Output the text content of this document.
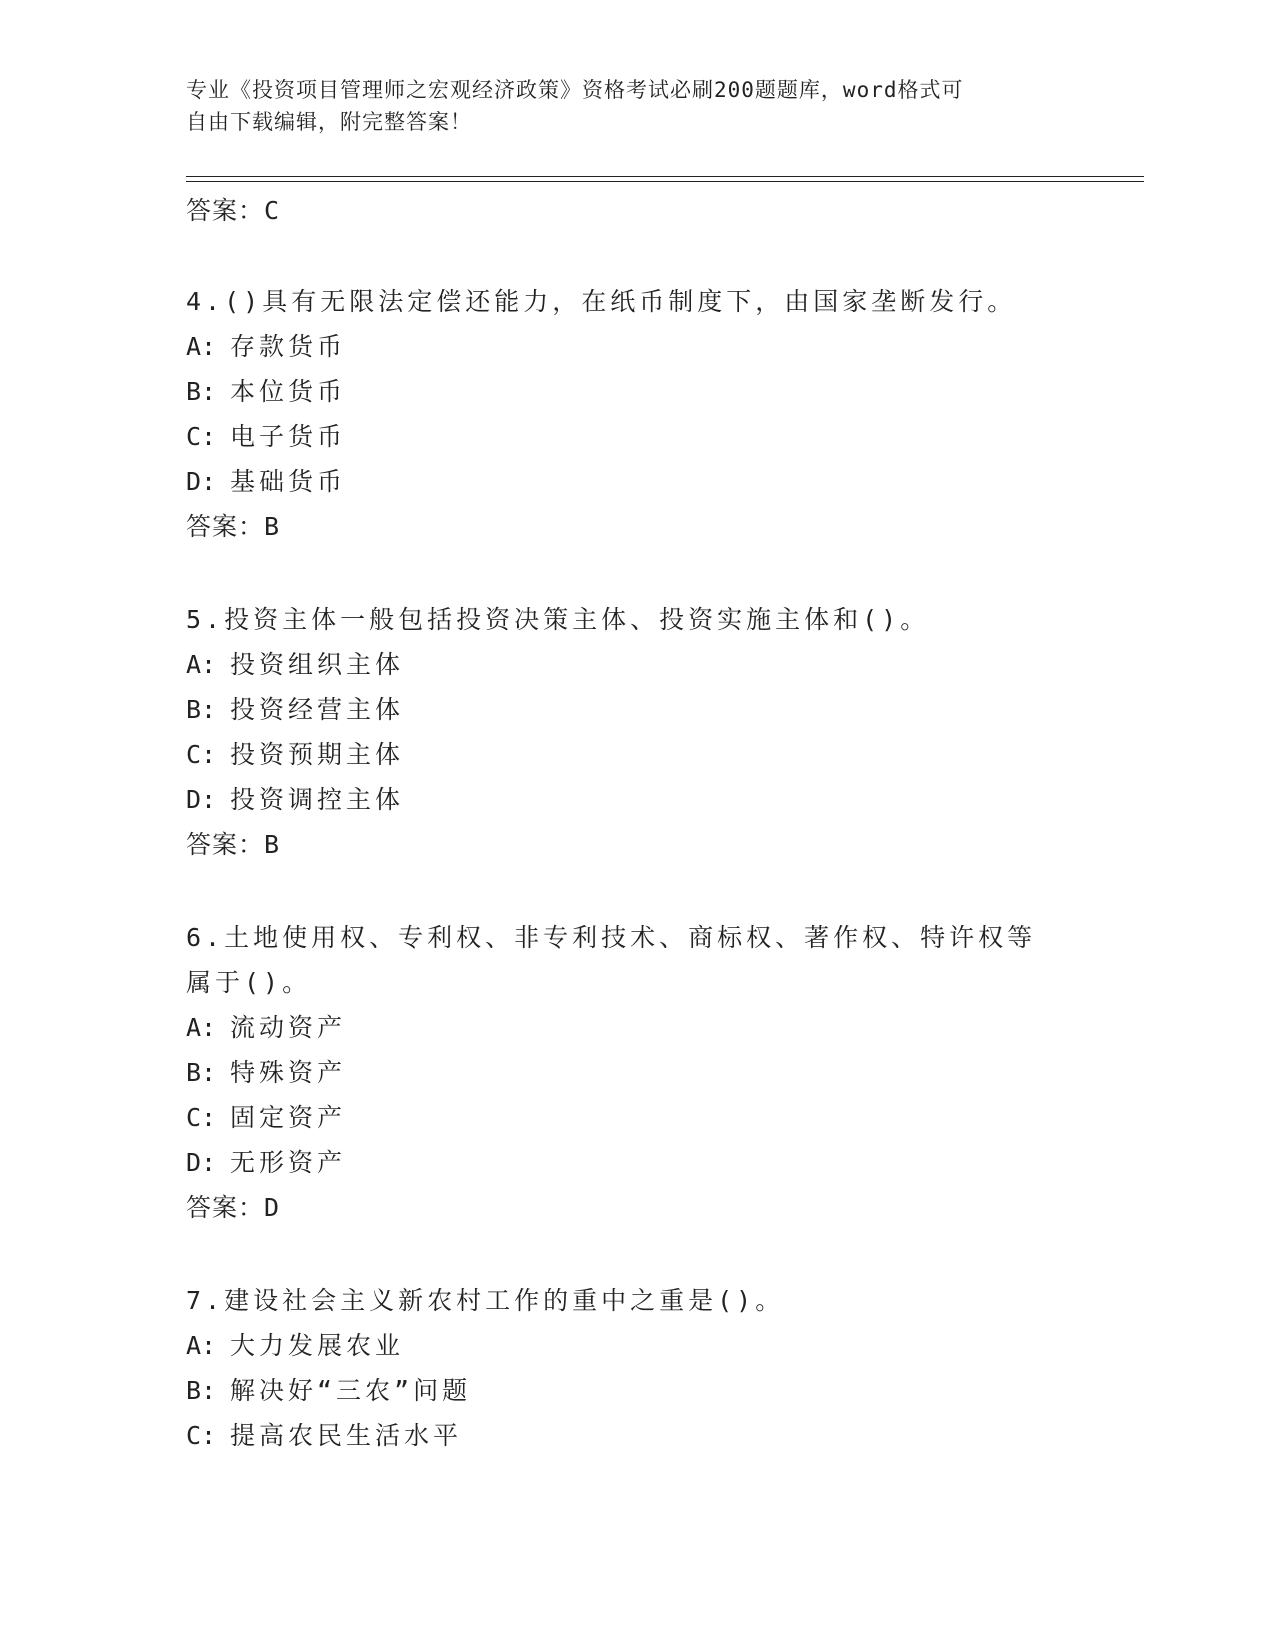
专业《投资项目管理师之宏观经济政策》资格考试必刷200题题库，word格式可
自由下载编辑，附完整答案！
答案：C
4.()具有无限法定偿还能力，在纸币制度下，由国家垄断发行。
A: 存款货币
B: 本位货币
C: 电子货币
D: 基础货币
答案：B
5.投资主体一般包括投资决策主体、投资实施主体和()。
A: 投资组织主体
B: 投资经营主体
C: 投资预期主体
D: 投资调控主体
答案：B
6.土地使用权、专利权、非专利技术、商标权、著作权、特许权等属于()。
A: 流动资产
B: 特殊资产
C: 固定资产
D: 无形资产
答案：D
7.建设社会主义新农村工作的重中之重是()。
A: 大力发展农业
B: 解决好“三农”问题
C: 提高农民生活水平
